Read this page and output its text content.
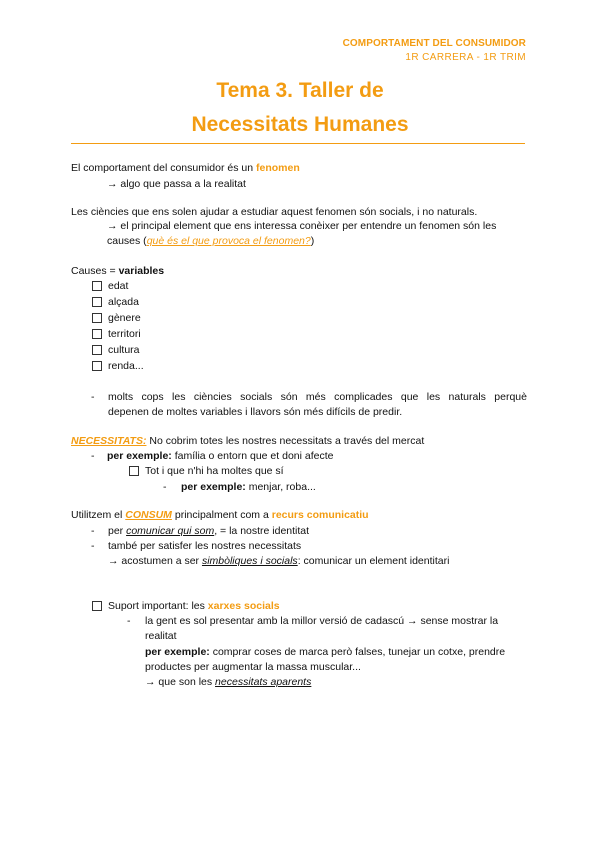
COMPORTAMENT DEL CONSUMIDOR
1R CARRERA - 1R TRIM
Tema 3. Taller de
Necessitats Humanes
El comportament del consumidor és un fenomen
→ algo que passa a la realitat
Les ciències que ens solen ajudar a estudiar aquest fenomen són socials, i no naturals.
→ el principal element que ens interessa conèixer per entendre un fenomen són les
causes (què és el que provoca el fenomen?)
Causes = variables
edat
alçada
gènere
territori
cultura
renda...
- molts cops les ciències socials són més complicades que les naturals perquè
depenen de moltes variables i llavors són més difícils de predir.
NECESSITATS: No cobrim totes les nostres necessitats a través del mercat
- per exemple: família o entorn que et doni afecte
Tot i que n'hi ha moltes que sí
- per exemple: menjar, roba...
Utilitzem el CONSUM principalment com a recurs comunicatiu
- per comunicar qui som, = la nostre identitat
- també per satisfer les nostres necessitats
→ acostumen a ser simbòliques i socials: comunicar un element identitari
Suport important: les xarxes socials
- la gent es sol presentar amb la millor versió de cadascú → sense mostrar la
realitat
per exemple: comprar coses de marca però falses, tunejar un cotxe, prendre
productes per augmentar la massa muscular...
→ que son les necessitats aparents
